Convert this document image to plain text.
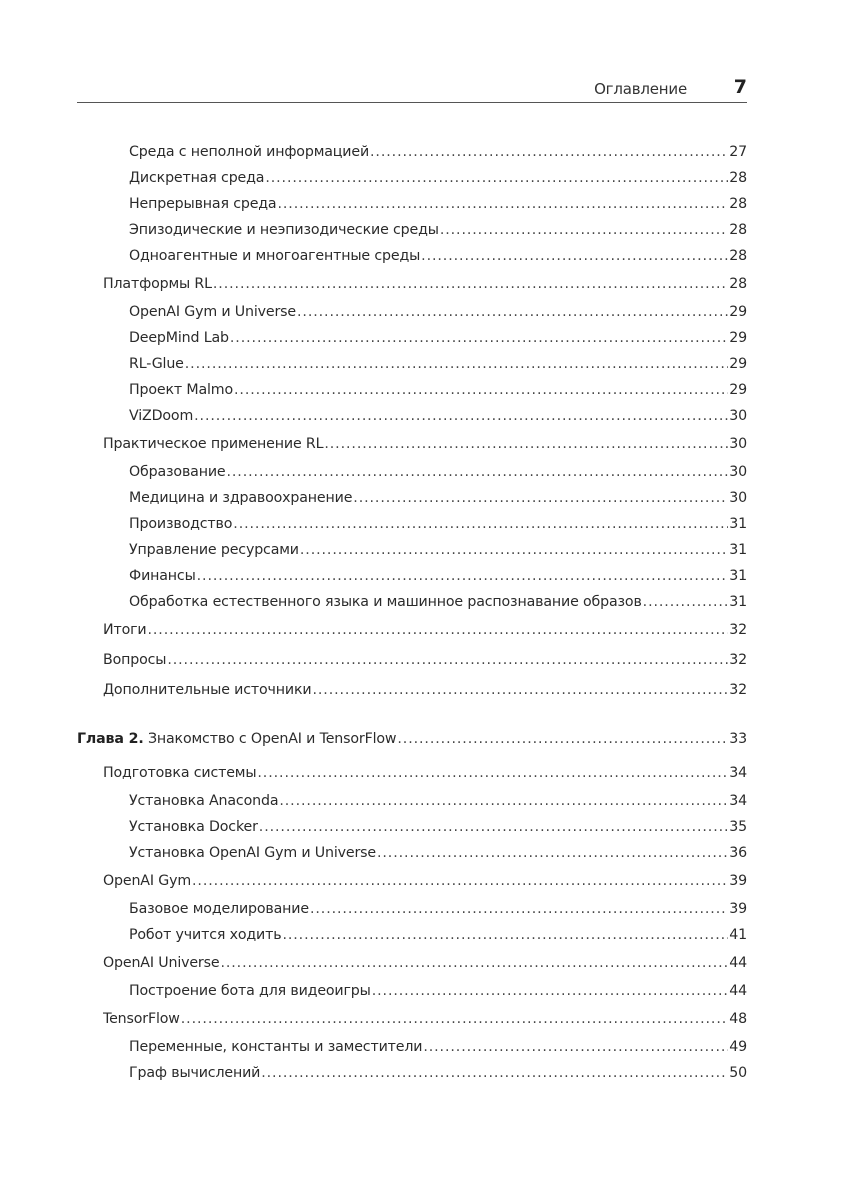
Оглавление 7
Среда с неполной информацией .....	27
Дискретная среда .....	28
Непрерывная среда .....	28
Эпизодические и неэпизодические среды .....	28
Одноагентные и многоагентные среды .....	28
Платформы RL .....	28
OpenAI Gym и Universe .....	29
DeepMind Lab .....	29
RL-Glue .....	29
Проект Malmo .....	29
ViZDoom .....	30
Практическое применение RL .....	30
Образование .....	30
Медицина и здравоохранение .....	30
Производство .....	31
Управление ресурсами .....	31
Финансы .....	31
Обработка естественного языка и машинное распознавание образов .....	31
Итоги .....	32
Вопросы .....	32
Дополнительные источники .....	32
Глава 2. Знакомство с OpenAI и TensorFlow .....	33
Подготовка системы .....	34
Установка Anaconda .....	34
Установка Docker .....	35
Установка OpenAI Gym и Universe .....	36
OpenAI Gym .....	39
Базовое моделирование .....	39
Робот учится ходить .....	41
OpenAI Universe .....	44
Построение бота для видеоигры .....	44
TensorFlow .....	48
Переменные, константы и заместители .....	49
Граф вычислений .....	50
